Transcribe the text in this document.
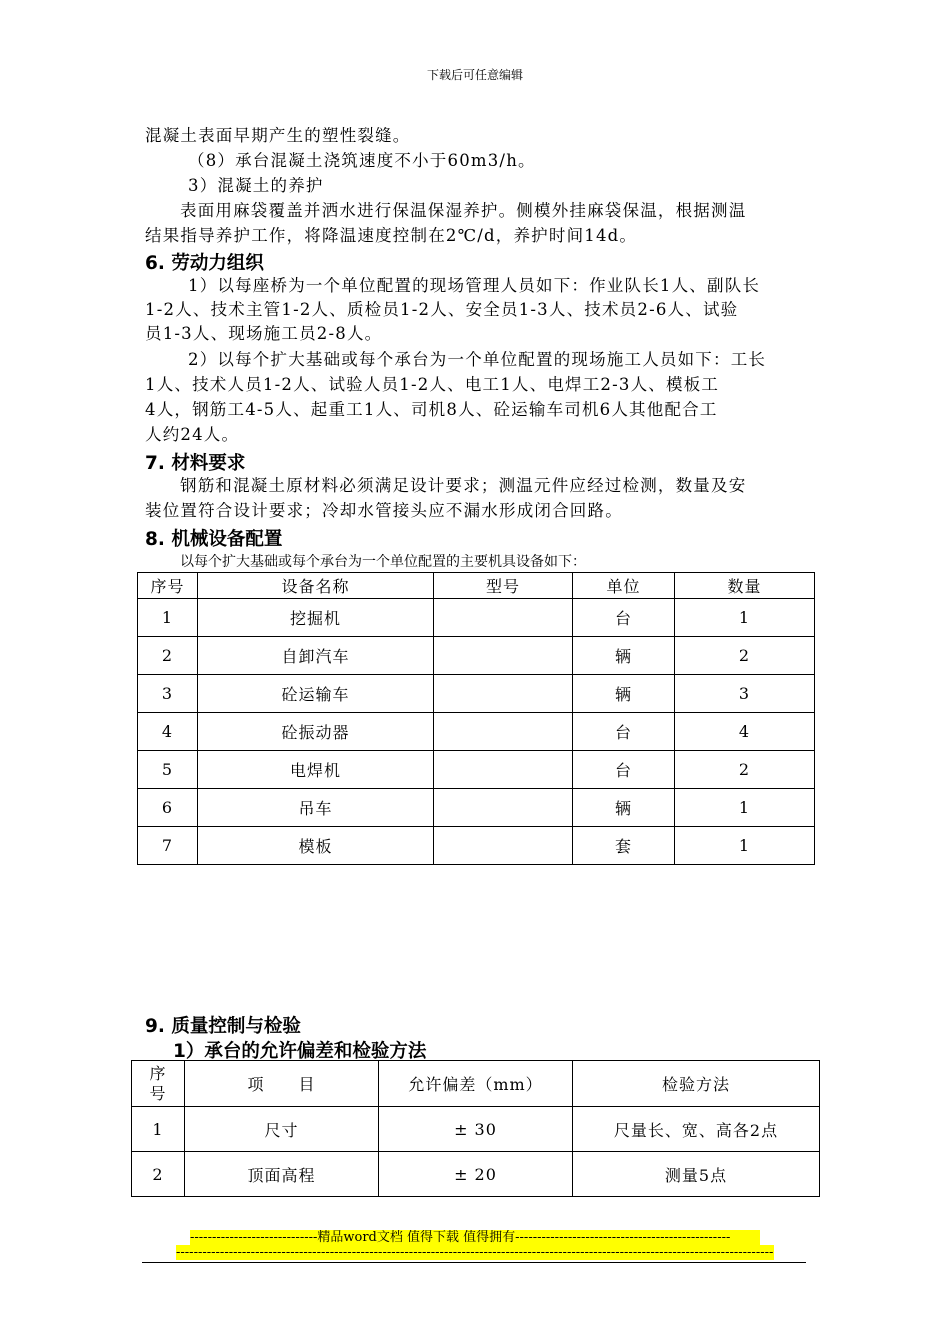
下载后可任意编辑
混凝土表面早期产生的塑性裂缝。
（8）承台混凝土浇筑速度不小于60m3/h。
3）混凝土的养护
表面用麻袋覆盖并洒水进行保温保湿养护。侧模外挂麻袋保温，根据测温
结果指导养护工作，将降温速度控制在2℃/d，养护时间14d。
6. 劳动力组织
1）以每座桥为一个单位配置的现场管理人员如下：作业队长1人、副队长
1-2人、技术主管1-2人、质检员1-2人、安全员1-3人、技术员2-6人、试验
员1-3人、现场施工员2-8人。
2）以每个扩大基础或每个承台为一个单位配置的现场施工人员如下：工长
1人、技术人员1-2人、试验人员1-2人、电工1人、电焊工2-3人、模板工
4人，钢筋工4-5人、起重工1人、司机8人、砼运输车司机6人其他配合工
人约24人。
7. 材料要求
钢筋和混凝土原材料必须满足设计要求；测温元件应经过检测，数量及安
装位置符合设计要求；冷却水管接头应不漏水形成闭合回路。
8. 机械设备配置
以每个扩大基础或每个承台为一个单位配置的主要机具设备如下：
序号	设备名称	型号	单位	数量
1	挖掘机		台	1
2	自卸汽车		辆	2
3	砼运输车		辆	3
4	砼振动器		台	4
5	电焊机		台	2
6	吊车		辆	1
7	模板		套	1
9. 质量控制与检验
1）承台的允许偏差和检验方法
序号	项　　目	允许偏差（mm）	检验方法
1	尺寸	± 30	尺量长、宽、高各2点
2	顶面高程	± 20	测量5点
-----------------------------精品word文档 值得下载 值得拥有-------------------------------------------------
----------------------------------------------------------------------------------------------------------------------------------------
